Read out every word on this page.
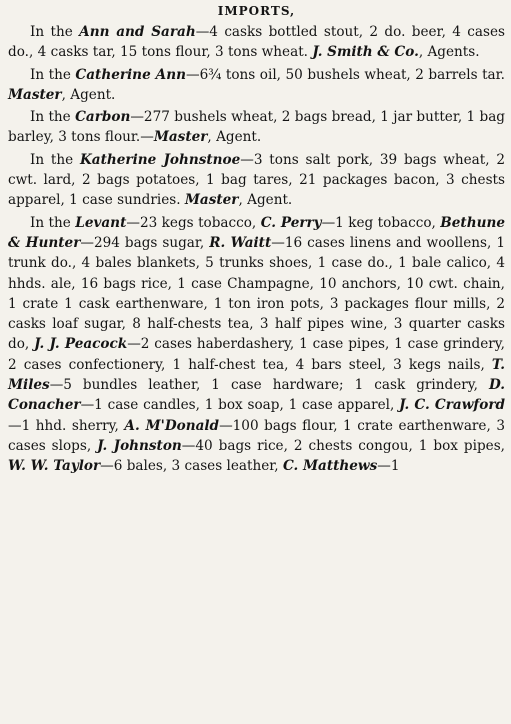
IMPORTS,

In the Ann and Sarah—4 casks bottled stout, 2 do. beer, 4 cases do., 4 casks tar, 15 tons flour, 3 tons wheat. J. Smith & Co., Agents.

In the Catherine Ann—6¾ tons oil, 50 bushels wheat, 2 barrels tar. Master, Agent.

In the Carbon—277 bushels wheat, 2 bags bread, 1 jar butter, 1 bag barley, 3 tons flour.—Master, Agent.

In the Katherine Johnstnoe—3 tons salt pork, 39 bags wheat, 2 cwt. lard, 2 bags potatoes, 1 bag tares, 21 packages bacon, 3 chests apparel, 1 case sundries. Master, Agent.

In the Levant—23 kegs tobacco, C. Perry—1 keg tobacco, Bethune & Hunter—294 bags sugar, R. Waitt—16 cases linens and woollens, 1 trunk do., 4 bales blankets, 5 trunks shoes, 1 case do., 1 bale calico, 4 hhds. ale, 16 bags rice, 1 case Champagne, 10 anchors, 10 cwt. chain, 1 crate 1 cask earthenware, 1 ton iron pots, 3 packages flour mills, 2 casks loaf sugar, 8 half-chests tea, 3 half pipes wine, 3 quarter casks do, J. J. Peacock—2 cases haberdashery, 1 case pipes, 1 case grindery, 2 cases confectionery, 1 half-chest tea, 4 bars steel, 3 kegs nails, T. Miles—5 bundles leather, 1 case hardware; 1 cask grindery, D. Conacher—1 case candles, 1 box soap, 1 case apparel, J. C. Crawford—1 hhd. sherry, A. M'Donald—100 bags flour, 1 crate earthenware, 3 cases slops, J. Johnston—40 bags rice, 2 chests congou, 1 box pipes, W. W. Taylor—6 bales, 3 cases leather, C. Matthews—1
